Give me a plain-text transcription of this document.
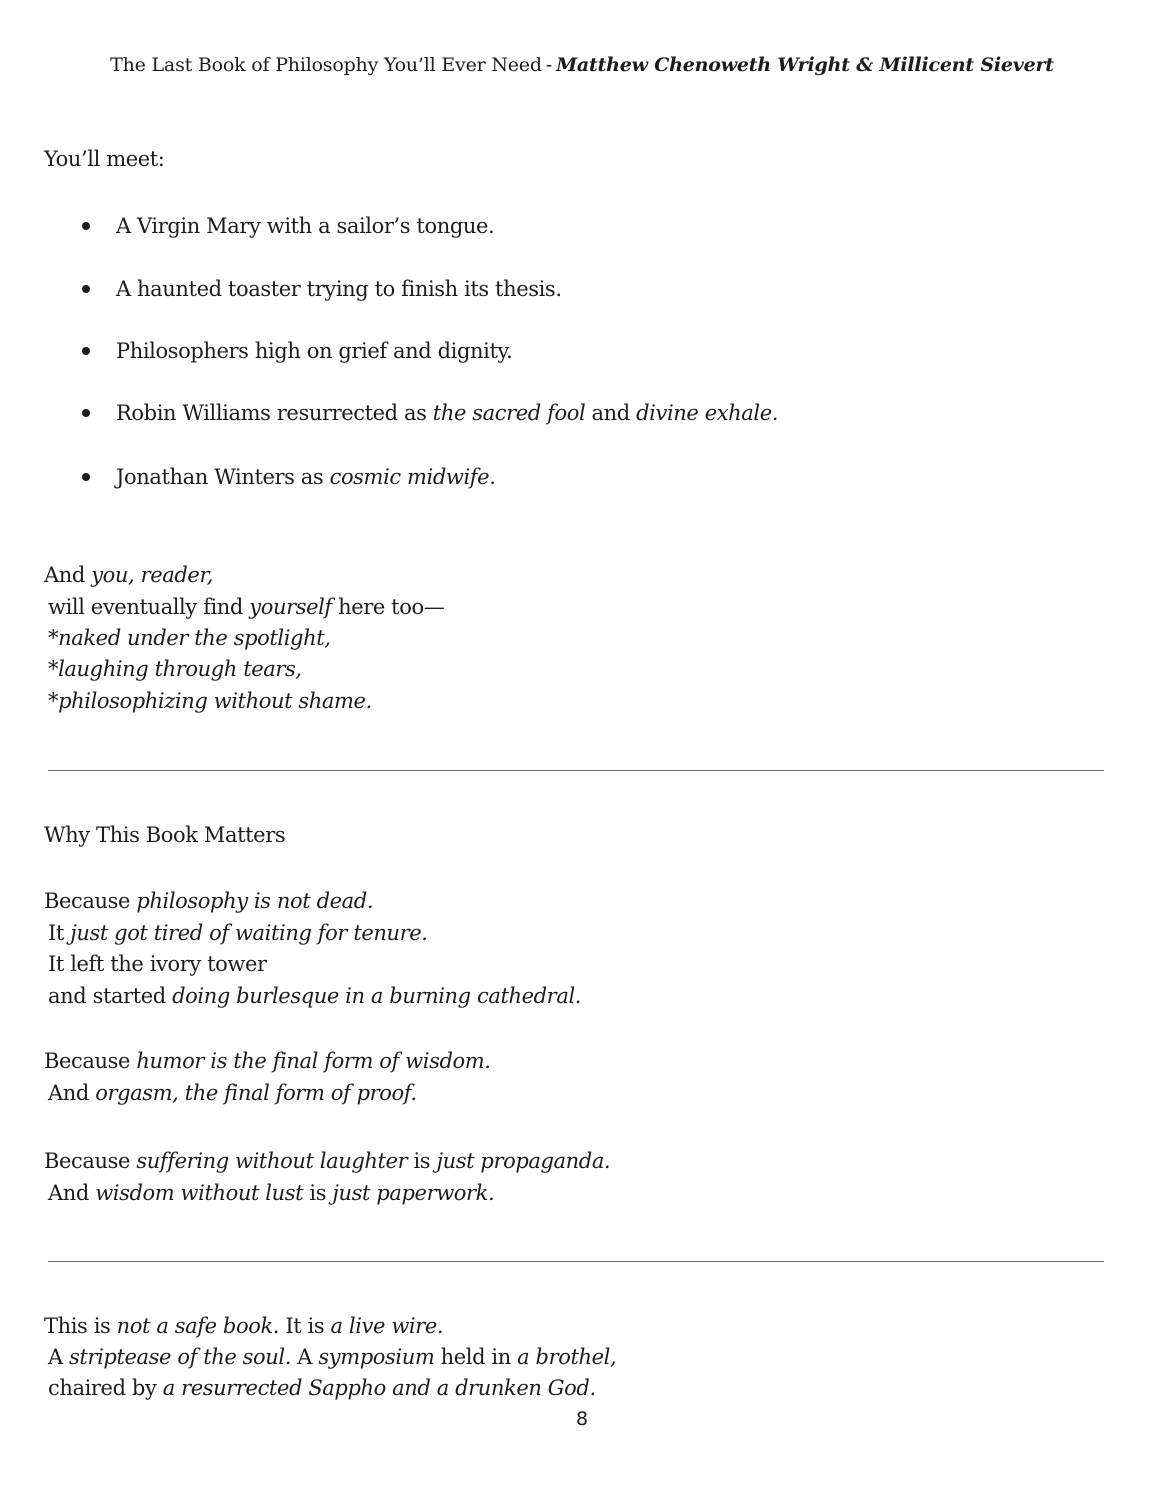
The Last Book of Philosophy You’ll Ever Need - Matthew Chenoweth Wright & Millicent Sievert
You’ll meet:
A Virgin Mary with a sailor’s tongue.
A haunted toaster trying to finish its thesis.
Philosophers high on grief and dignity.
Robin Williams resurrected as the sacred fool and divine exhale.
Jonathan Winters as cosmic midwife.
And you, reader,
will eventually find yourself here too—
*naked under the spotlight,
*laughing through tears,
*philosophizing without shame.
Why This Book Matters
Because philosophy is not dead.
It just got tired of waiting for tenure.
It left the ivory tower
and started doing burlesque in a burning cathedral.
Because humor is the final form of wisdom.
And orgasm, the final form of proof.
Because suffering without laughter is just propaganda.
And wisdom without lust is just paperwork.
This is not a safe book. It is a live wire.
A striptease of the soul. A symposium held in a brothel,
chaired by a resurrected Sappho and a drunken God.
8
